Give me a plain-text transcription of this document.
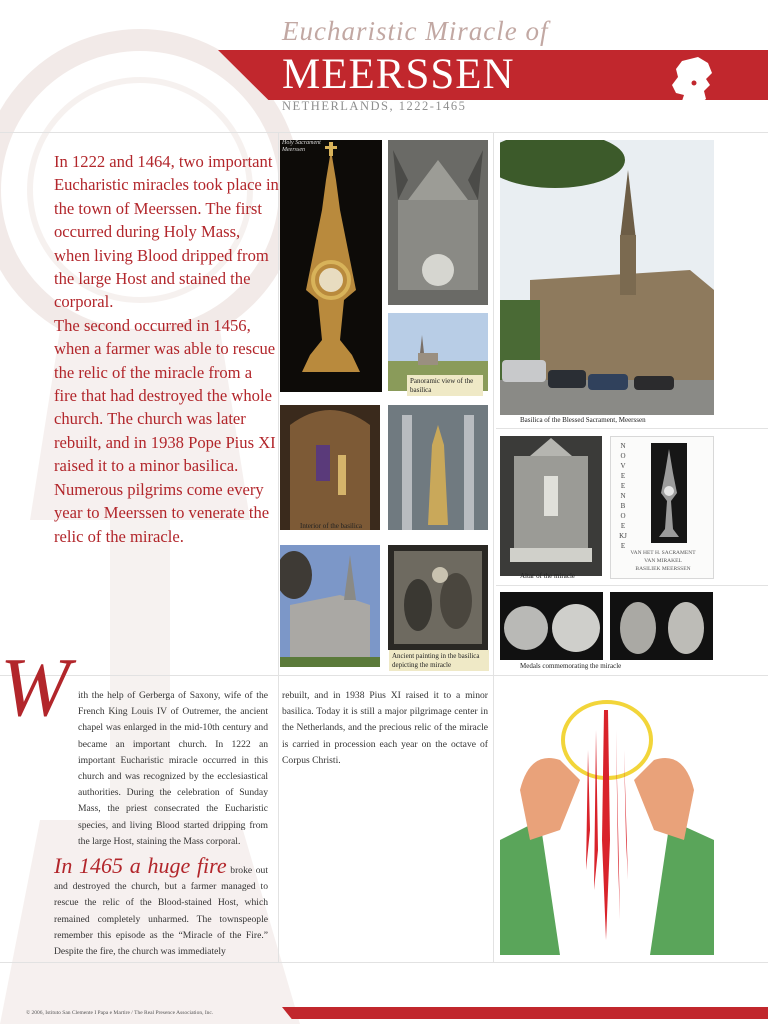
Eucharistic Miracle of
MEERSSEN
NETHERLANDS, 1222-1465
In 1222 and 1464, two important Eucharistic miracles took place in the town of Meerssen. The first occurred during Holy Mass, when living Blood dripped from the large Host and stained the corporal.
The second occurred in 1456, when a farmer was able to rescue the relic of the miracle from a fire that had destroyed the whole church. The church was later rebuilt, and in 1938 Pope Pius XI raised it to a minor basilica. Numerous pilgrims come every year to Meerssen to venerate the relic of the miracle.
Holy Sacrament Meerssen
Panoramic view of the basilica
Basilica of the Blessed Sacrament, Meerssen
Interior of the basilica
Altar of the miracle
NOVEENBOEKJE
VAN HET H. SACRAMENT
VAN MIRAKEL
BASILIEK MEERSSEN
Ancient painting in the basilica depicting the miracle	Medals commemorating the miracle
W ith the help of Gerberga of Saxony, wife of the French King Louis IV of Outremer, the ancient chapel was enlarged in the mid-10th century and became an important church. In 1222 an important Eucharistic miracle occurred in this church and was recognized by the ecclesiastical authorities. During the celebration of Sunday Mass, the priest consecrated the Eucharistic species, and living Blood started dripping from the large Host, staining the Mass corporal.
In 1465 a huge fire broke out and destroyed the church, but a farmer managed to rescue the relic of the Blood-stained Host, which remained completely unharmed. The townspeople remember this episode as the “Miracle of the Fire.” Despite the fire, the church was immediately
rebuilt, and in 1938 Pius XI raised it to a minor basilica. Today it is still a major pilgrimage center in the Netherlands, and the precious relic of the miracle is carried in procession each year on the octave of Corpus Christi.
© 2006, Istituto San Clemente I Papa e Martire / The Real Presence Association, Inc.
